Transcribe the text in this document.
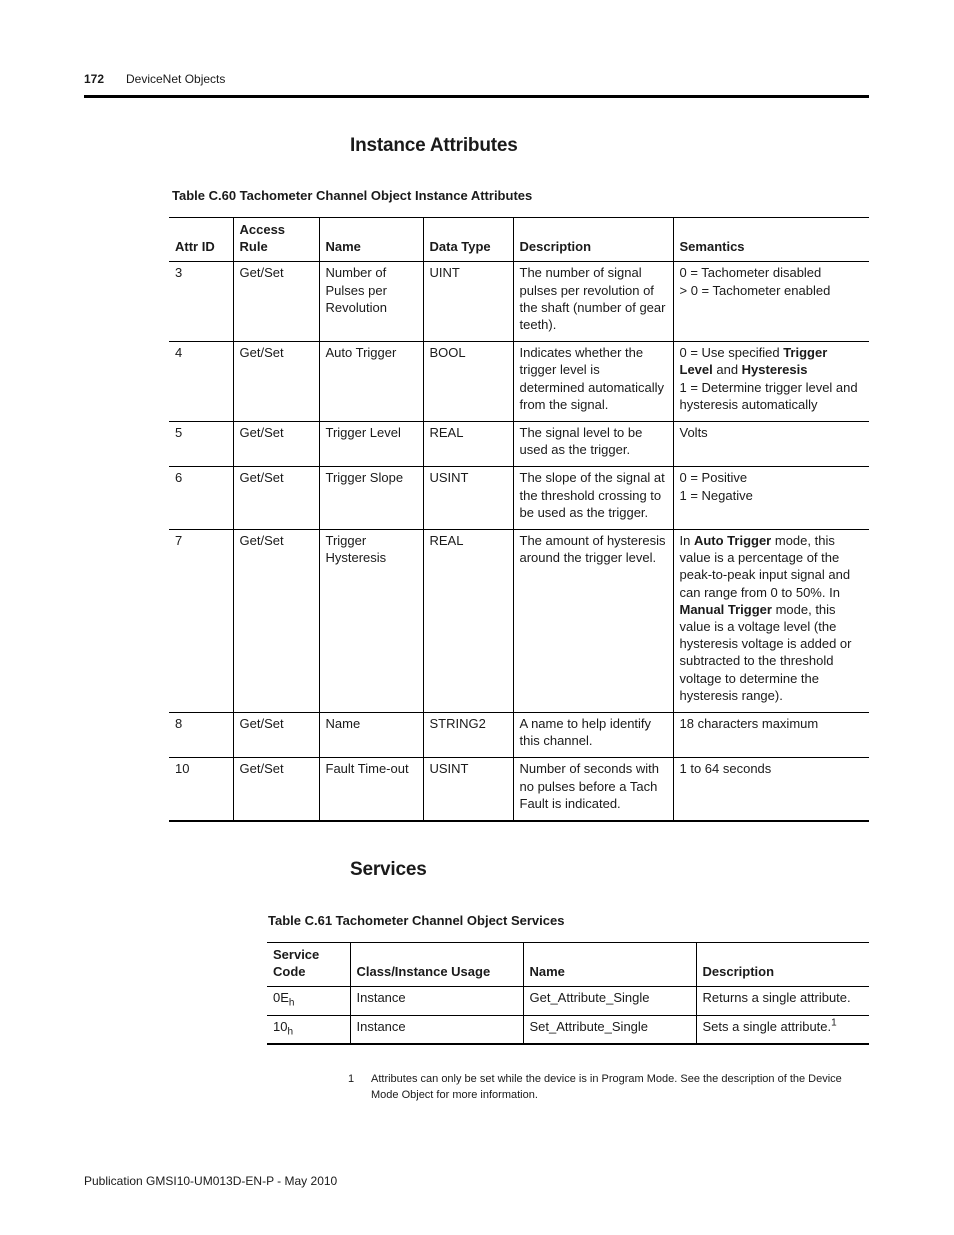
172 DeviceNet Objects
Instance Attributes

Table C.60 Tachometer Channel Object Instance Attributes

Attr ID	Access Rule	Name	Data Type	Description	Semantics
3	Get/Set	Number of Pulses per Revolution	UINT	The number of signal pulses per revolution of the shaft (number of gear teeth).	0 = Tachometer disabled
> 0 = Tachometer enabled

4	Get/Set	Auto Trigger	BOOL	Indicates whether the trigger level is determined automatically from the signal.	0 = Use specified Trigger Level and Hysteresis
1 = Determine trigger level and hysteresis automatically

5	Get/Set	Trigger Level	REAL	The signal level to be used as the trigger.	Volts
6	Get/Set	Trigger Slope	USINT	The slope of the signal at the threshold crossing to be used as the trigger.	0 = Positive
1 = Negative

7	Get/Set	Trigger Hysteresis	REAL	The amount of hysteresis around the trigger level.	In Auto Trigger mode, this value is a percentage of the peak-to-peak input signal and can range from 0 to 50%. In Manual Trigger mode, this value is a voltage level (the hysteresis voltage is added or subtracted to the threshold voltage to determine the hysteresis range).
8	Get/Set	Name	STRING2	A name to help identify this channel.	18 characters maximum
10	Get/Set	Fault Time-out	USINT	Number of seconds with no pulses before a Tach Fault is indicated.	1 to 64 seconds
Services

Table C.61 Tachometer Channel Object Services

Service Code	Class/Instance Usage	Name	Description
$0E_h$	Instance	Get_Attribute_Single	Returns a single attribute.
$10_h$	Instance	Set_Attribute_Single	Sets a single attribute.$^1$
1 Attributes can only be set while the device is in Program Mode. See the description of the Device Mode Object for more information.
Publication GMSI10-UM013D-EN-P - May 2010
